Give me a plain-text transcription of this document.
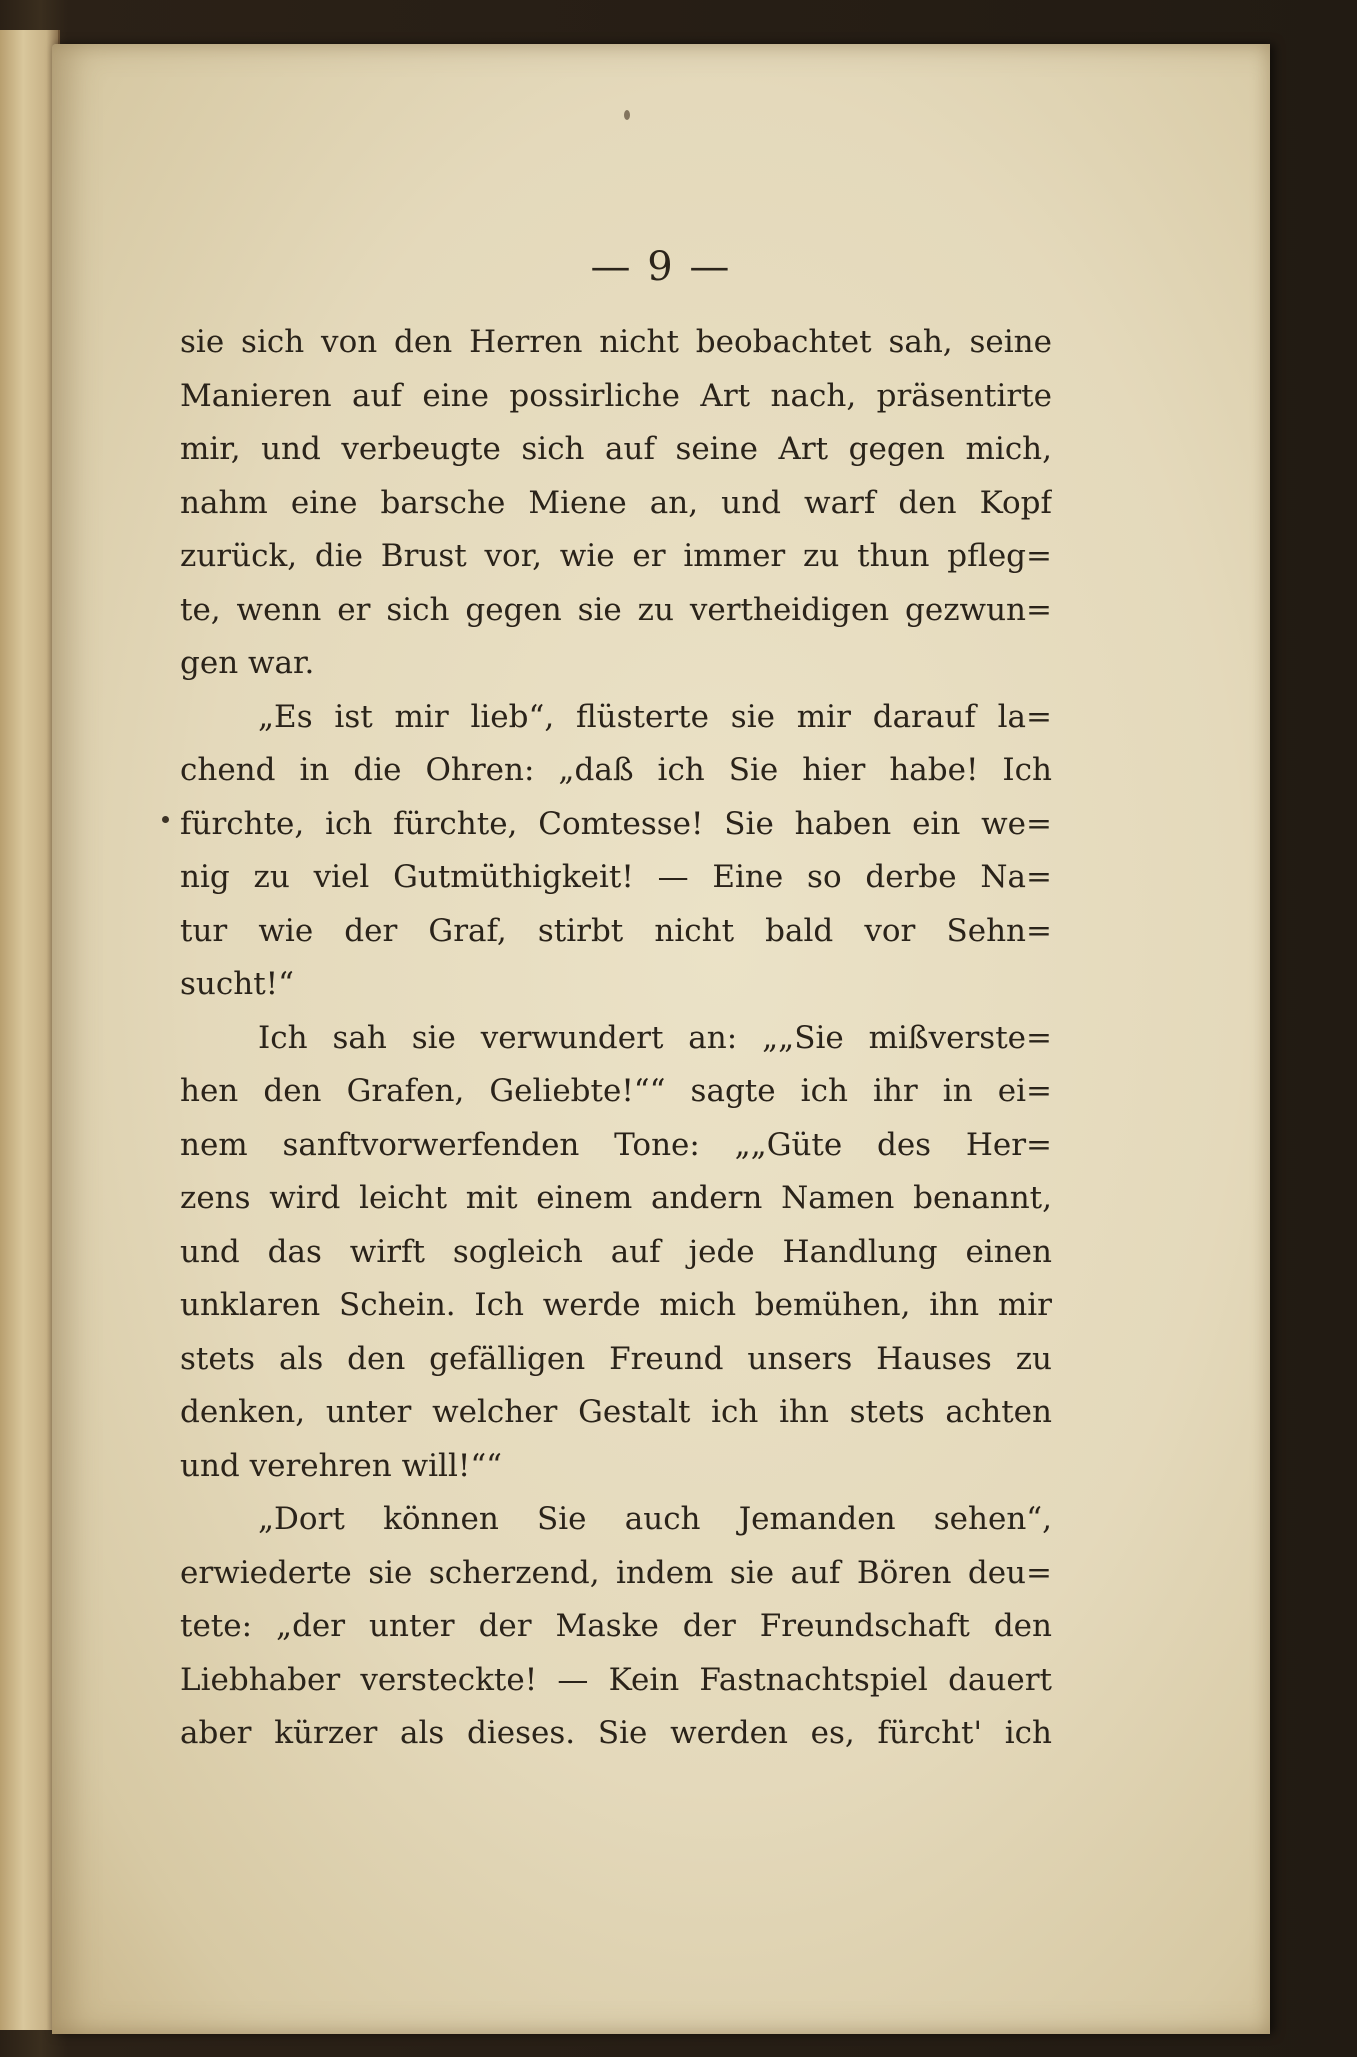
— 9 —
sie sich von den Herren nicht beobachtet sah, seine
Manieren auf eine possirliche Art nach, präsentirte
mir, und verbeugte sich auf seine Art gegen mich,
nahm eine barsche Miene an, und warf den Kopf
zurück, die Brust vor, wie er immer zu thun pfleg=
te, wenn er sich gegen sie zu vertheidigen gezwun=
gen war.
„Es ist mir lieb“, flüsterte sie mir darauf la=
chend in die Ohren: „daß ich Sie hier habe! Ich
fürchte, ich fürchte, Comtesse! Sie haben ein we=
nig zu viel Gutmüthigkeit! — Eine so derbe Na=
tur wie der Graf, stirbt nicht bald vor Sehn=
sucht!“
Ich sah sie verwundert an: „„Sie mißverste=
hen den Grafen, Geliebte!““ sagte ich ihr in ei=
nem sanftvorwerfenden Tone: „„Güte des Her=
zens wird leicht mit einem andern Namen benannt,
und das wirft sogleich auf jede Handlung einen
unklaren Schein. Ich werde mich bemühen, ihn mir
stets als den gefälligen Freund unsers Hauses zu
denken, unter welcher Gestalt ich ihn stets achten
und verehren will!““
„Dort können Sie auch Jemanden sehen“,
erwiederte sie scherzend, indem sie auf Bören deu=
tete: „der unter der Maske der Freundschaft den
Liebhaber versteckte! — Kein Fastnachtspiel dauert
aber kürzer als dieses. Sie werden es, fürcht' ich
